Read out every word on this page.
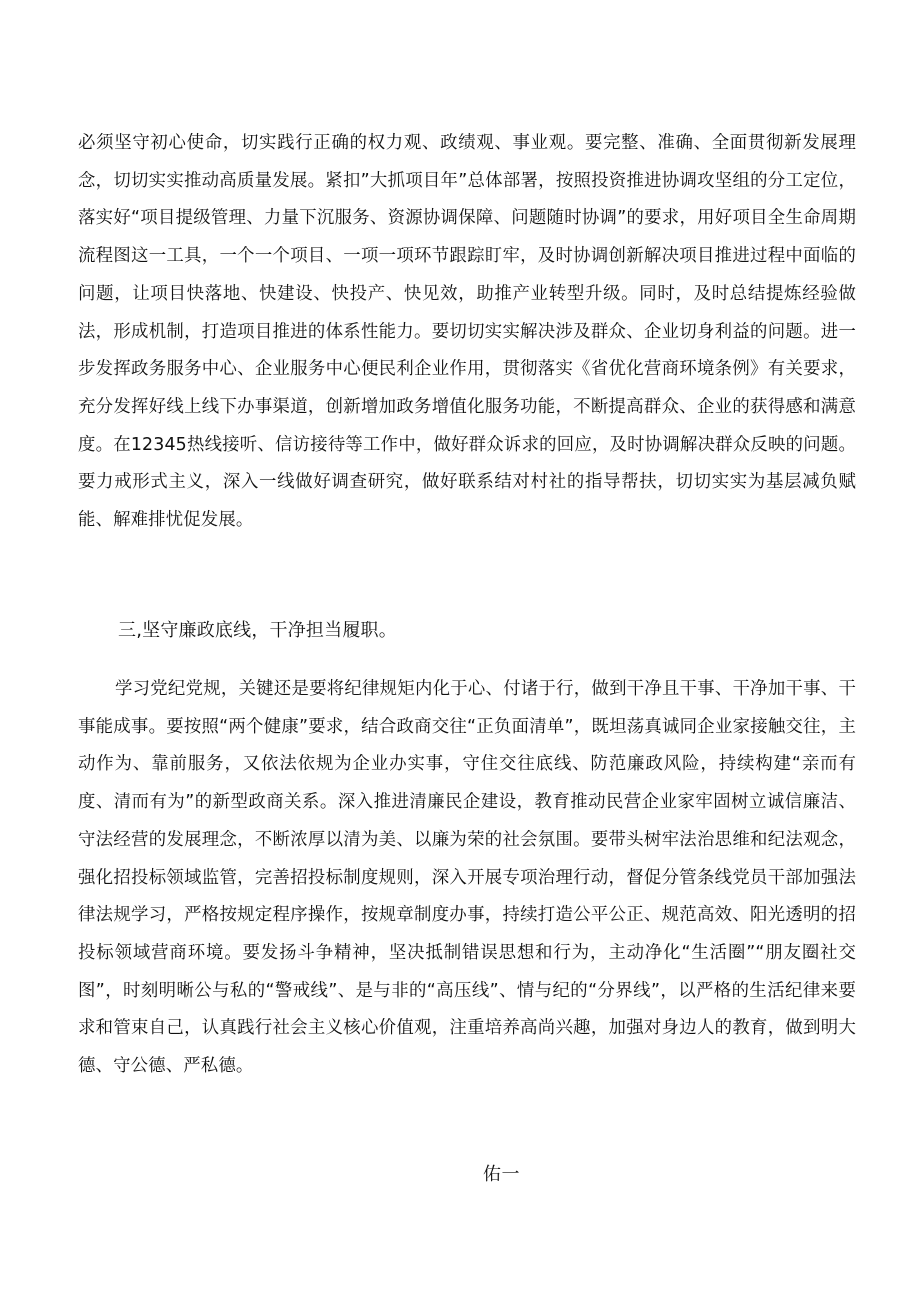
必须坚守初心使命，切实践行正确的权力观、政绩观、事业观。要完整、准确、全面贯彻新发展理念，切切实实推动高质量发展。紧扣”大抓项目年”总体部署，按照投资推进协调攻坚组的分工定位，落实好“项目提级管理、力量下沉服务、资源协调保障、问题随时协调”的要求，用好项目全生命周期流程图这一工具，一个一个项目、一项一项环节跟踪盯牢，及时协调创新解决项目推进过程中面临的问题，让项目快落地、快建设、快投产、快见效，助推产业转型升级。同时，及时总结提炼经验做法，形成机制，打造项目推进的体系性能力。要切切实实解决涉及群众、企业切身利益的问题。进一步发挥政务服务中心、企业服务中心便民利企业作用，贯彻落实《省优化营商环境条例》有关要求，充分发挥好线上线下办事渠道，创新增加政务增值化服务功能，不断提高群众、企业的获得感和满意度。在12345热线接听、信访接待等工作中，做好群众诉求的回应，及时协调解决群众反映的问题。要力戒形式主义，深入一线做好调查研究，做好联系结对村社的指导帮扶，切切实实为基层减负赋能、解难排忧促发展。

三,坚守廉政底线，干净担当履职。

学习党纪党规，关键还是要将纪律规矩内化于心、付诸于行，做到干净且干事、干净加干事、干事能成事。要按照“两个健康”要求，结合政商交往“正负面清单”，既坦荡真诚同企业家接触交往，主动作为、靠前服务，又依法依规为企业办实事，守住交往底线、防范廉政风险，持续构建“亲而有度、清而有为”的新型政商关系。深入推进清廉民企建设，教育推动民营企业家牢固树立诚信廉洁、守法经营的发展理念，不断浓厚以清为美、以廉为荣的社会氛围。要带头树牢法治思维和纪法观念，强化招投标领域监管，完善招投标制度规则，深入开展专项治理行动，督促分管条线党员干部加强法律法规学习，严格按规定程序操作，按规章制度办事，持续打造公平公正、规范高效、阳光透明的招投标领域营商环境。要发扬斗争精神，坚决抵制错误思想和行为，主动净化“生活圈”“朋友圈社交图”，时刻明晰公与私的“警戒线”、是与非的“高压线”、情与纪的“分界线”，以严格的生活纪律来要求和管束自己，认真践行社会主义核心价值观，注重培养高尚兴趣，加强对身边人的教育，做到明大德、守公德、严私德。

佑一
